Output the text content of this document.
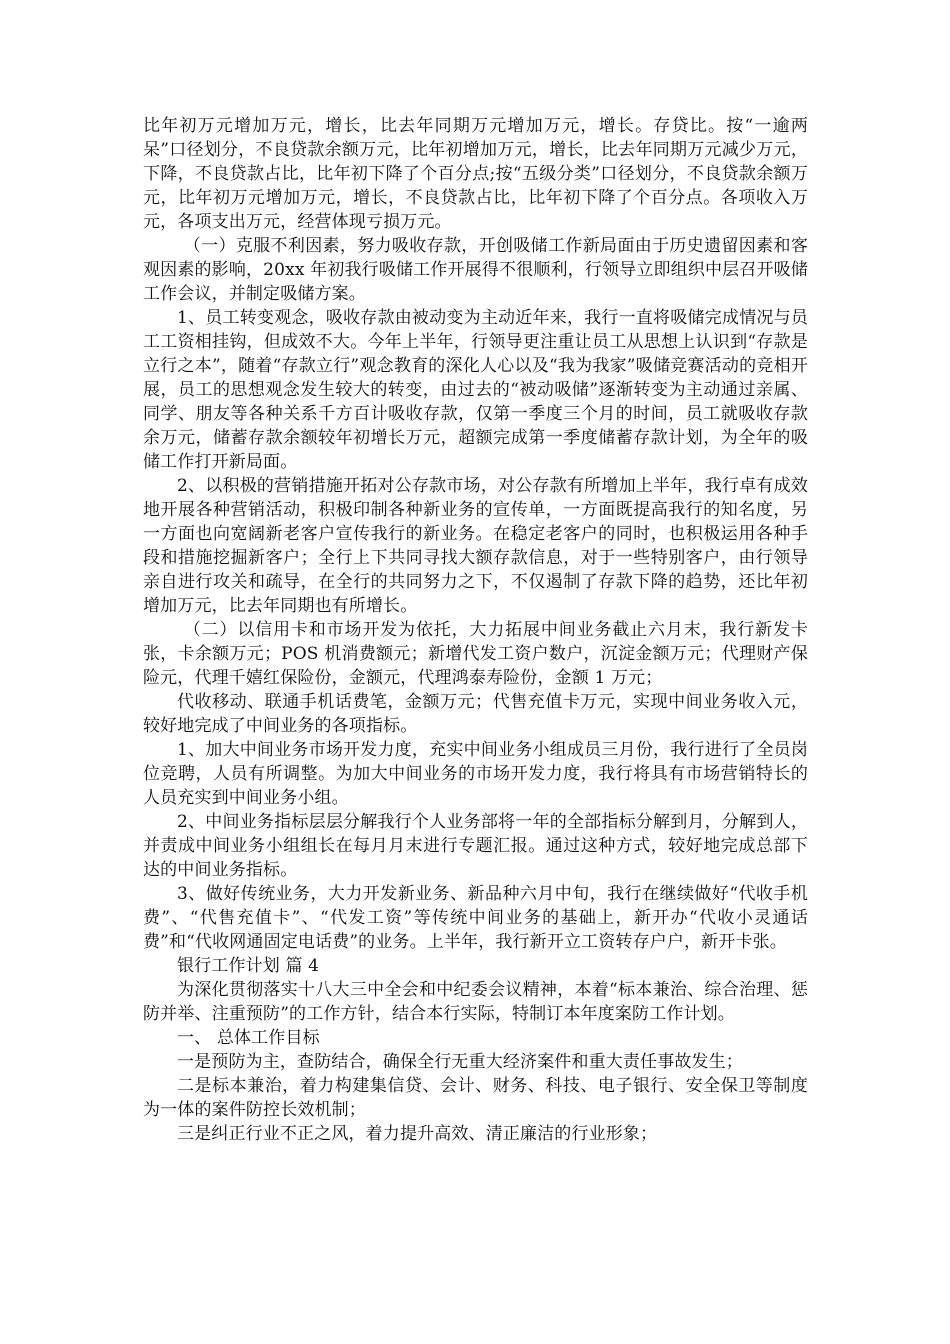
比年初万元增加万元，增长，比去年同期万元增加万元，增长。存贷比。按“一逾两呆”口径划分，不良贷款余额万元，比年初增加万元，增长，比去年同期万元减少万元，下降，不良贷款占比，比年初下降了个百分点;按“五级分类”口径划分，不良贷款余额万元，比年初万元增加万元，增长，不良贷款占比，比年初下降了个百分点。各项收入万元，各项支出万元，经营体现亏损万元。

（一）克服不利因素，努力吸收存款，开创吸储工作新局面由于历史遗留因素和客观因素的影响，20xx 年初我行吸储工作开展得不很顺利，行领导立即组织中层召开吸储工作会议，并制定吸储方案。

1、员工转变观念，吸收存款由被动变为主动近年来，我行一直将吸储完成情况与员工工资相挂钩，但成效不大。今年上半年，行领导更注重让员工从思想上认识到“存款是立行之本”，随着“存款立行”观念教育的深化人心以及“我为我家”吸储竞赛活动的竞相开展，员工的思想观念发生较大的转变，由过去的“被动吸储”逐渐转变为主动通过亲属、同学、朋友等各种关系千方百计吸收存款，仅第一季度三个月的时间，员工就吸收存款余万元，储蓄存款余额较年初增长万元，超额完成第一季度储蓄存款计划，为全年的吸储工作打开新局面。

2、以积极的营销措施开拓对公存款市场，对公存款有所增加上半年，我行卓有成效地开展各种营销活动，积极印制各种新业务的宣传单，一方面既提高我行的知名度，另一方面也向宽阔新老客户宣传我行的新业务。在稳定老客户的同时，也积极运用各种手段和措施挖掘新客户；全行上下共同寻找大额存款信息，对于一些特别客户，由行领导亲自进行攻关和疏导，在全行的共同努力之下，不仅遏制了存款下降的趋势，还比年初增加万元，比去年同期也有所增长。

（二）以信用卡和市场开发为依托，大力拓展中间业务截止六月末，我行新发卡张，卡余额万元；POS 机消费额元；新增代发工资户数户，沉淀金额万元；代理财产保险元，代理千嬉红保险份，金额元，代理鸿泰寿险份，金额 1 万元；

代收移动、联通手机话费笔，金额万元；代售充值卡万元，实现中间业务收入元，较好地完成了中间业务的各项指标。

1、加大中间业务市场开发力度，充实中间业务小组成员三月份，我行进行了全员岗位竞聘，人员有所调整。为加大中间业务的市场开发力度，我行将具有市场营销特长的人员充实到中间业务小组。

2、中间业务指标层层分解我行个人业务部将一年的全部指标分解到月，分解到人，并责成中间业务小组组长在每月月末进行专题汇报。通过这种方式，较好地完成总部下达的中间业务指标。

3、做好传统业务，大力开发新业务、新品种六月中旬，我行在继续做好“代收手机费”、“代售充值卡”、“代发工资”等传统中间业务的基础上，新开办“代收小灵通话费”和“代收网通固定电话费”的业务。上半年，我行新开立工资转存户户，新开卡张。

银行工作计划 篇 4

为深化贯彻落实十八大三中全会和中纪委会议精神，本着“标本兼治、综合治理、惩防并举、注重预防”的工作方针，结合本行实际，特制订本年度案防工作计划。

一、 总体工作目标

一是预防为主，查防结合，确保全行无重大经济案件和重大责任事故发生；

二是标本兼治，着力构建集信贷、会计、财务、科技、电子银行、安全保卫等制度为一体的案件防控长效机制；

三是纠正行业不正之风，着力提升高效、清正廉洁的行业形象；
